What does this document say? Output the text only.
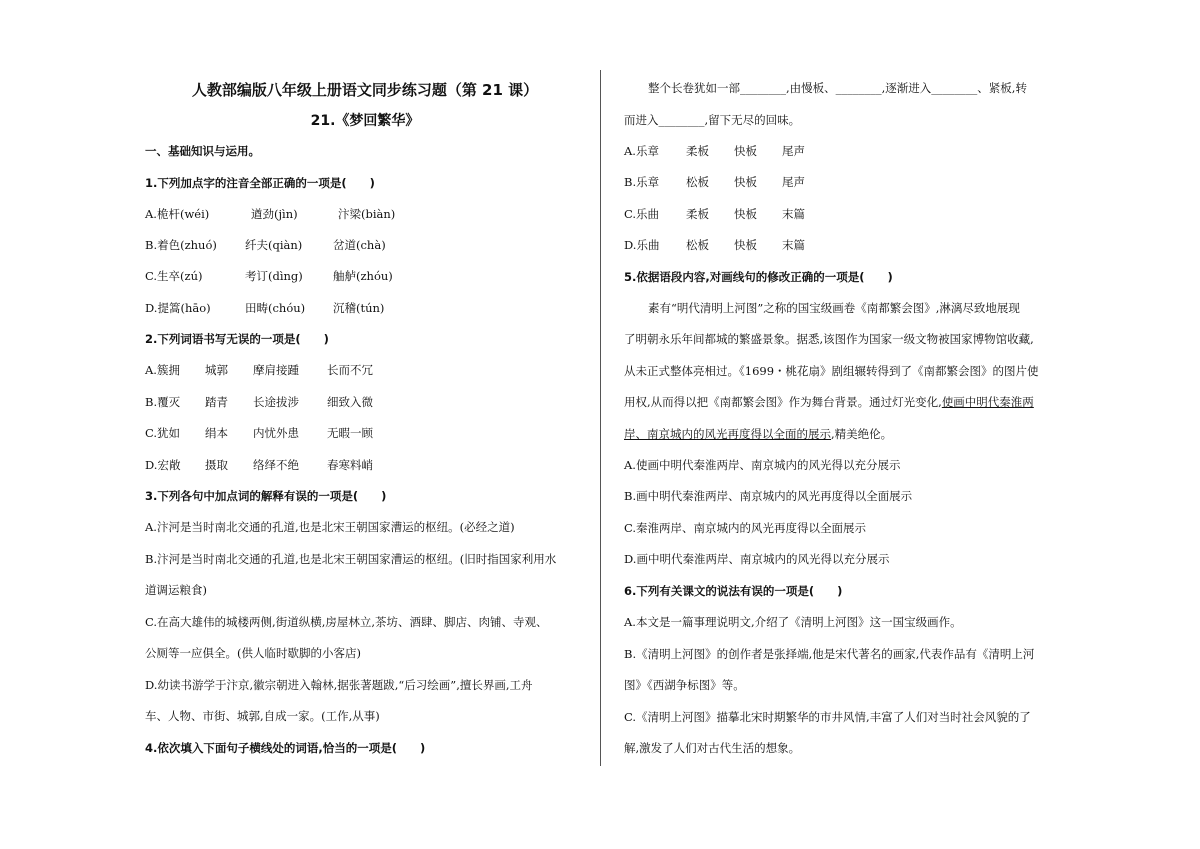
人教部编版八年级上册语文同步练习题（第 21 课）
21.《梦回繁华》
一、基础知识与运用。
1.下列加点字的注音全部正确的一项是(　　)
A.桅杆(wéi)	遒劲(jìn)	汴梁(biàn)
B.着色(zhuó) 纤夫(qiàn)	岔道(chà)
C.生卒(zú)	考订(dìng)	舳舻(zhóu)
D.提篙(hāo)	田畴(chóu) 沉稽(tún)
2.下列词语书写无误的一项是(　　)
A.簇拥 城郭 摩肩接踵 长而不冗
B.覆灭 踏青 长途拔涉 细致入微
C.犹如 绢本 内忧外患 无暇一顾
D.宏敞 摄取 络绎不绝 春寒料峭
3.下列各句中加点词的解释有误的一项是(　　)
A.汴河是当时南北交通的孔道,也是北宋王朝国家漕运的枢纽。(必经之道)
B.汴河是当时南北交通的孔道,也是北宋王朝国家漕运的枢纽。(旧时指国家利用水
道调运粮食)
C.在高大雄伟的城楼两侧,街道纵横,房屋林立,茶坊、酒肆、脚店、肉铺、寺观、
公厕等一应俱全。(供人临时歇脚的小客店)
D.幼读书游学于汴京,徽宗朝进入翰林,据张著题跋,“后习绘画”,擅长界画,工舟
车、人物、市街、城郭,自成一家。(工作,从事)
4.依次填入下面句子横线处的词语,恰当的一项是(　　)
整个长卷犹如一部________,由慢板、________,逐渐进入________、紧板,转
而进入________,留下无尽的回味。
A.乐章 柔板 快板 尾声
B.乐章 松板 快板 尾声
C.乐曲 柔板 快板 末篇
D.乐曲 松板 快板 末篇
5.依据语段内容,对画线句的修改正确的一项是(　　)
素有“明代清明上河图”之称的国宝级画卷《南都繁会图》,淋漓尽致地展现
了明朝永乐年间都城的繁盛景象。据悉,该图作为国家一级文物被国家博物馆收藏,
从未正式整体亮相过。《1699・桃花扇》剧组辗转得到了《南都繁会图》的图片使
用权,从而得以把《南都繁会图》作为舞台背景。通过灯光变化,使画中明代秦淮两
岸、南京城内的风光再度得以全面的展示,精美绝伦。
A.使画中明代秦淮两岸、南京城内的风光得以充分展示
B.画中明代秦淮两岸、南京城内的风光再度得以全面展示
C.秦淮两岸、南京城内的风光再度得以全面展示
D.画中明代秦淮两岸、南京城内的风光得以充分展示
6.下列有关课文的说法有误的一项是(　　)
A.本文是一篇事理说明文,介绍了《清明上河图》这一国宝级画作。
B.《清明上河图》的创作者是张择端,他是宋代著名的画家,代表作品有《清明上河
图》《西湖争标图》等。
C.《清明上河图》描摹北宋时期繁华的市井风情,丰富了人们对当时社会风貌的了
解,激发了人们对古代生活的想象。
